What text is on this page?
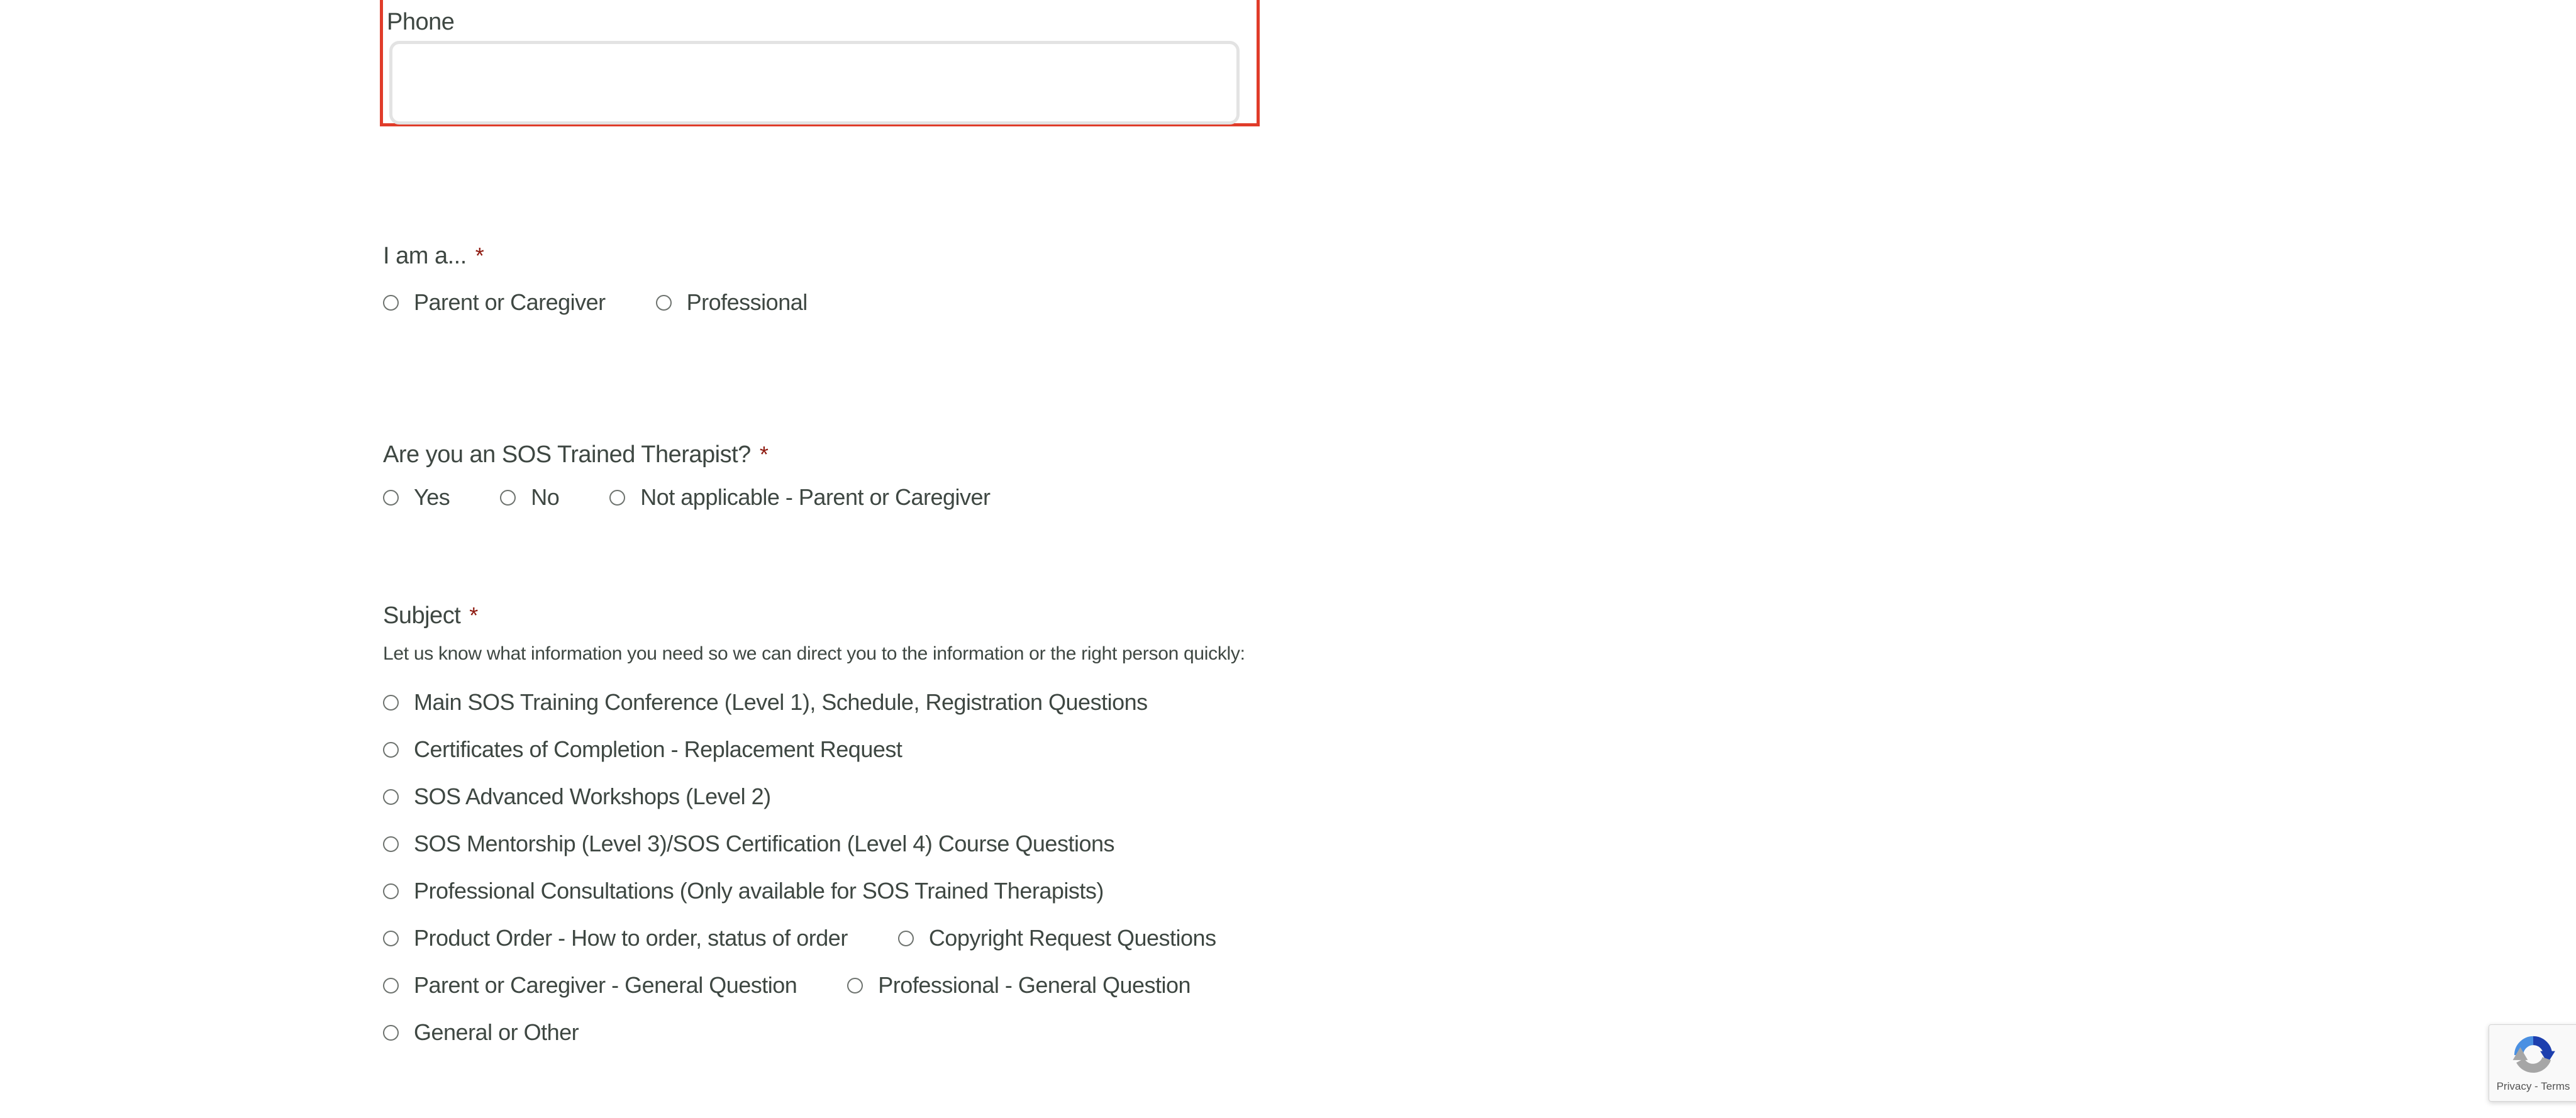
Phone
I am a... *
Parent or Caregiver	Professional
Are you an SOS Trained Therapist? *
Yes	No	Not applicable - Parent or Caregiver
Subject *
Let us know what information you need so we can direct you to the information or the right person quickly:
Main SOS Training Conference (Level 1), Schedule, Registration Questions
Certificates of Completion - Replacement Request
SOS Advanced Workshops (Level 2)
SOS Mentorship (Level 3)/SOS Certification (Level 4) Course Questions
Professional Consultations (Only available for SOS Trained Therapists)
Product Order - How to order, status of order	Copyright Request Questions
Parent or Caregiver - General Question	Professional - General Question
General or Other
Privacy - Terms
